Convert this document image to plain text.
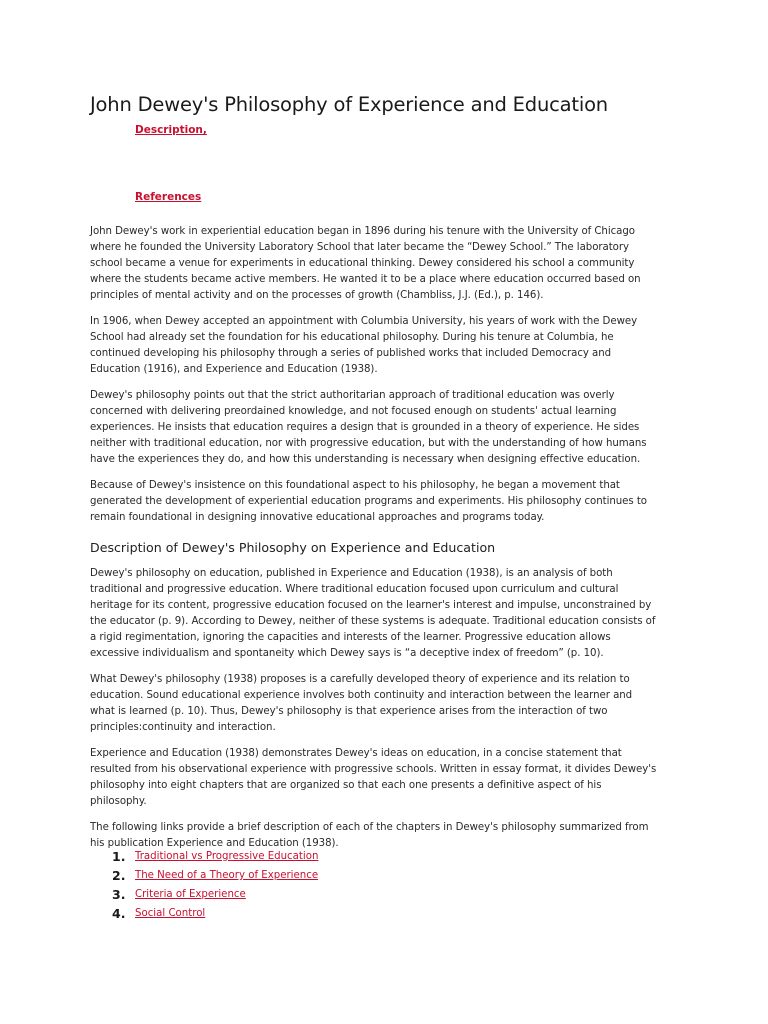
John Dewey's Philosophy of Experience and Education
Description,
References

John Dewey's work in experiential education began in 1896 during his tenure with the University of Chicago where he founded the University Laboratory School that later became the “Dewey School.” The laboratory school became a venue for experiments in educational thinking. Dewey considered his school a community where the students became active members. He wanted it to be a place where education occurred based on principles of mental activity and on the processes of growth (Chambliss, J.J. (Ed.), p. 146).

In 1906, when Dewey accepted an appointment with Columbia University, his years of work with the Dewey School had already set the foundation for his educational philosophy. During his tenure at Columbia, he continued developing his philosophy through a series of published works that included Democracy and Education (1916), and Experience and Education (1938).

Dewey's philosophy points out that the strict authoritarian approach of traditional education was overly concerned with delivering preordained knowledge, and not focused enough on students' actual learning experiences. He insists that education requires a design that is grounded in a theory of experience. He sides neither with traditional education, nor with progressive education, but with the understanding of how humans have the experiences they do, and how this understanding is necessary when designing effective education.

Because of Dewey's insistence on this foundational aspect to his philosophy, he began a movement that generated the development of experiential education programs and experiments. His philosophy continues to remain foundational in designing innovative educational approaches and programs today.

Description of Dewey's Philosophy on Experience and Education

Dewey's philosophy on education, published in Experience and Education (1938), is an analysis of both traditional and progressive education. Where traditional education focused upon curriculum and cultural heritage for its content, progressive education focused on the learner's interest and impulse, unconstrained by the educator (p. 9). According to Dewey, neither of these systems is adequate. Traditional education consists of a rigid regimentation, ignoring the capacities and interests of the learner. Progressive education allows excessive individualism and spontaneity which Dewey says is “a deceptive index of freedom” (p. 10).

What Dewey's philosophy (1938) proposes is a carefully developed theory of experience and its relation to education. Sound educational experience involves both continuity and interaction between the learner and what is learned (p. 10). Thus, Dewey's philosophy is that experience arises from the interaction of two principles:continuity and interaction.

Experience and Education (1938) demonstrates Dewey's ideas on education, in a concise statement that resulted from his observational experience with progressive schools. Written in essay format, it divides Dewey's philosophy into eight chapters that are organized so that each one presents a definitive aspect of his philosophy.

The following links provide a brief description of each of the chapters in Dewey's philosophy summarized from his publication Experience and Education (1938).

1. Traditional vs Progressive Education
2. The Need of a Theory of Experience
3. Criteria of Experience
4. Social Control
